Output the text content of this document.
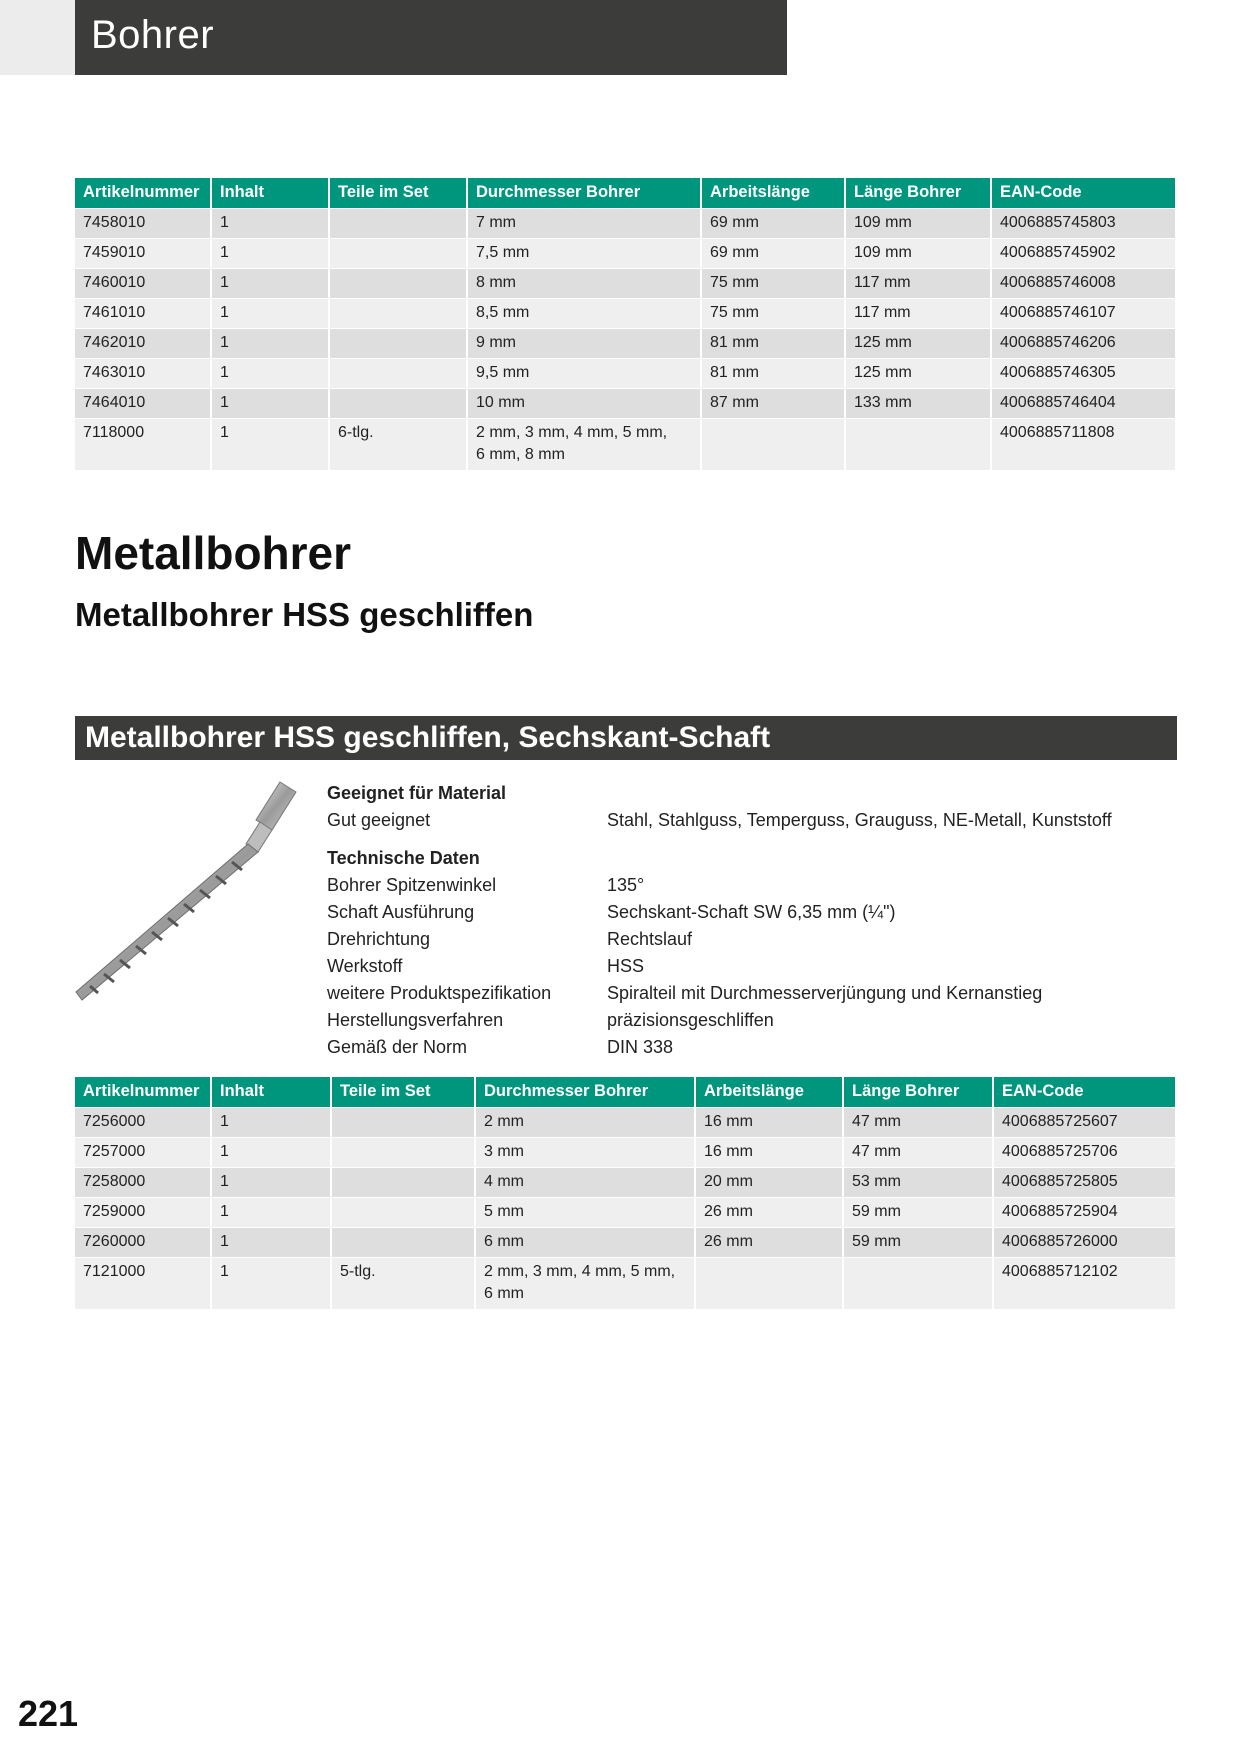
Bohrer
Artikelnummer	Inhalt	Teile im Set	Durchmesser Bohrer	Arbeitslänge	Länge Bohrer	EAN-Code
7458010	1		7 mm	69 mm	109 mm	4006885745803
7459010	1		7,5 mm	69 mm	109 mm	4006885745902
7460010	1		8 mm	75 mm	117 mm	4006885746008
7461010	1		8,5 mm	75 mm	117 mm	4006885746107
7462010	1		9 mm	81 mm	125 mm	4006885746206
7463010	1		9,5 mm	81 mm	125 mm	4006885746305
7464010	1		10 mm	87 mm	133 mm	4006885746404
7118000	1	6-tlg.	2 mm, 3 mm, 4 mm, 5 mm,
6 mm, 8 mm			4006885711808
Metallbohrer
Metallbohrer HSS geschliffen
Metallbohrer HSS geschliffen, Sechskant-Schaft
Geeignet für Material
Gut geeignet	Stahl, Stahlguss, Temperguss, Grauguss, NE-Metall, Kunststoff
Technische Daten
Bohrer Spitzenwinkel	135°
Schaft Ausführung	Sechskant-Schaft SW 6,35 mm (¼")
Drehrichtung	Rechtslauf
Werkstoff	HSS
weitere Produktspezifikation	Spiralteil mit Durchmesserverjüngung und Kernanstieg
Herstellungsverfahren	präzisionsgeschliffen
Gemäß der Norm	DIN 338
Artikelnummer	Inhalt	Teile im Set	Durchmesser Bohrer	Arbeitslänge	Länge Bohrer	EAN-Code
7256000	1		2 mm	16 mm	47 mm	4006885725607
7257000	1		3 mm	16 mm	47 mm	4006885725706
7258000	1		4 mm	20 mm	53 mm	4006885725805
7259000	1		5 mm	26 mm	59 mm	4006885725904
7260000	1		6 mm	26 mm	59 mm	4006885726000
7121000	1	5-tlg.	2 mm, 3 mm, 4 mm, 5 mm,
6 mm			4006885712102
221
